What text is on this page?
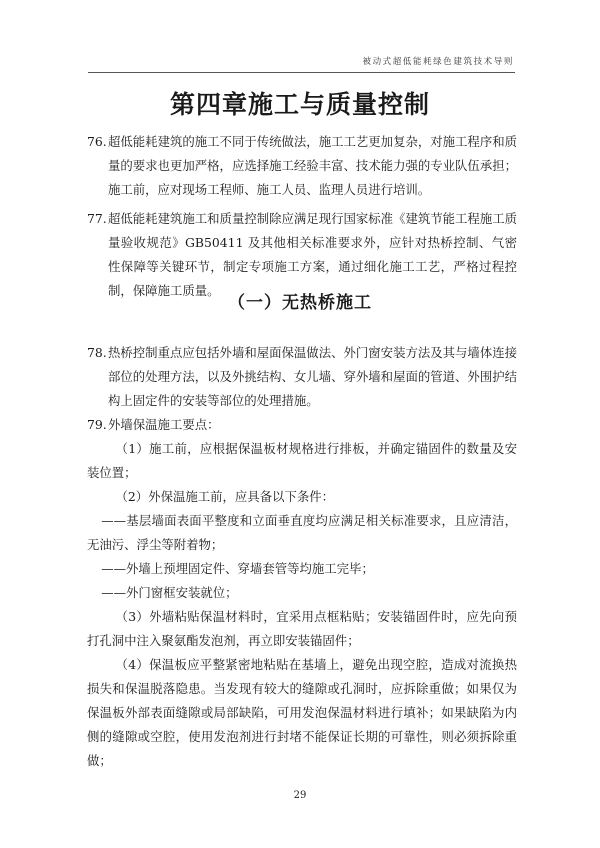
被动式超低能耗绿色建筑技术导则
第四章施工与质量控制
76. 超低能耗建筑的施工不同于传统做法，施工工艺更加复杂，对施工程序和质量的要求也更加严格，应选择施工经验丰富、技术能力强的专业队伍承担；施工前，应对现场工程师、施工人员、监理人员进行培训。
77. 超低能耗建筑施工和质量控制除应满足现行国家标准《建筑节能工程施工质量验收规范》GB50411 及其他相关标准要求外，应针对热桥控制、气密性保障等关键环节，制定专项施工方案，通过细化施工工艺，严格过程控制，保障施工质量。
（一）无热桥施工
78. 热桥控制重点应包括外墙和屋面保温做法、外门窗安装方法及其与墙体连接部位的处理方法，以及外挑结构、女儿墙、穿外墙和屋面的管道、外围护结构上固定件的安装等部位的处理措施。
79. 外墙保温施工要点：
（1）施工前，应根据保温板材规格进行排板，并确定锚固件的数量及安装位置；
（2）外保温施工前，应具备以下条件：
——基层墙面表面平整度和立面垂直度均应满足相关标准要求，且应清洁，无油污、浮尘等附着物；
——外墙上预埋固定件、穿墙套管等均施工完毕；
——外门窗框安装就位；
（3）外墙粘贴保温材料时，宜采用点框粘贴；安装锚固件时，应先向预打孔洞中注入聚氨酯发泡剂，再立即安装锚固件；
（4）保温板应平整紧密地粘贴在基墙上，避免出现空腔，造成对流换热损失和保温脱落隐患。当发现有较大的缝隙或孔洞时，应拆除重做；如果仅为保温板外部表面缝隙或局部缺陷，可用发泡保温材料进行填补；如果缺陷为内侧的缝隙或空腔，使用发泡剂进行封堵不能保证长期的可靠性，则必须拆除重做；
29
